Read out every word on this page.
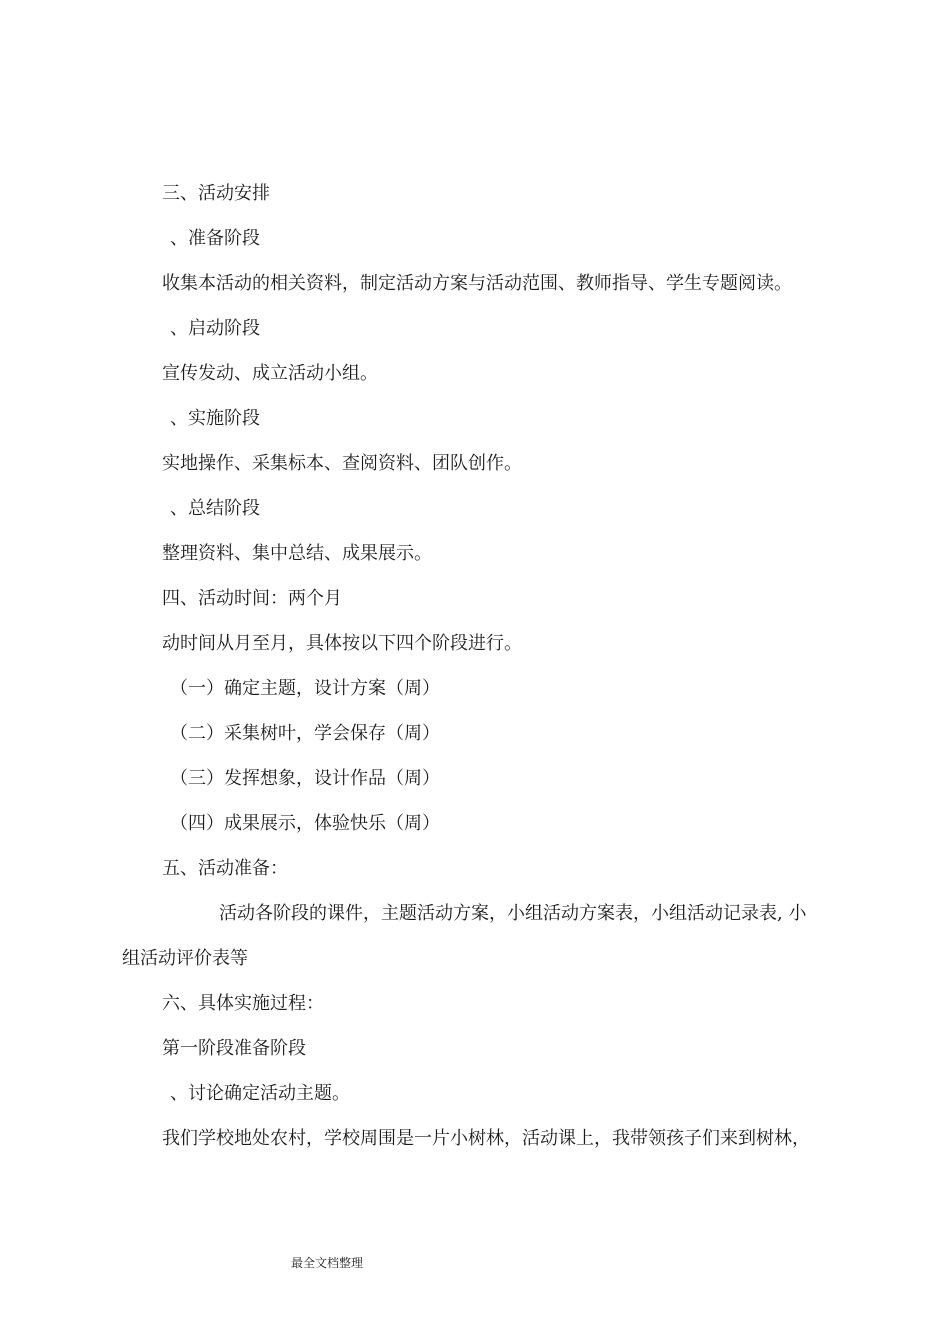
三、活动安排
、准备阶段
收集本活动的相关资料，制定活动方案与活动范围、教师指导、学生专题阅读。
、启动阶段
宣传发动、成立活动小组。
、实施阶段
实地操作、采集标本、查阅资料、团队创作。
、总结阶段
整理资料、集中总结、成果展示。
四、活动时间：两个月
动时间从月至月，具体按以下四个阶段进行。
（一）确定主题，设计方案（周）
（二）采集树叶，学会保存（周）
（三）发挥想象，设计作品（周）
（四）成果展示，体验快乐（周）
五、活动准备：
活动各阶段的课件，主题活动方案，小组活动方案表，小组活动记录表, 小
组活动评价表等
六、具体实施过程：
第一阶段准备阶段
、讨论确定活动主题。
我们学校地处农村，学校周围是一片小树林，活动课上，我带领孩子们来到树林，
最全文档整理
